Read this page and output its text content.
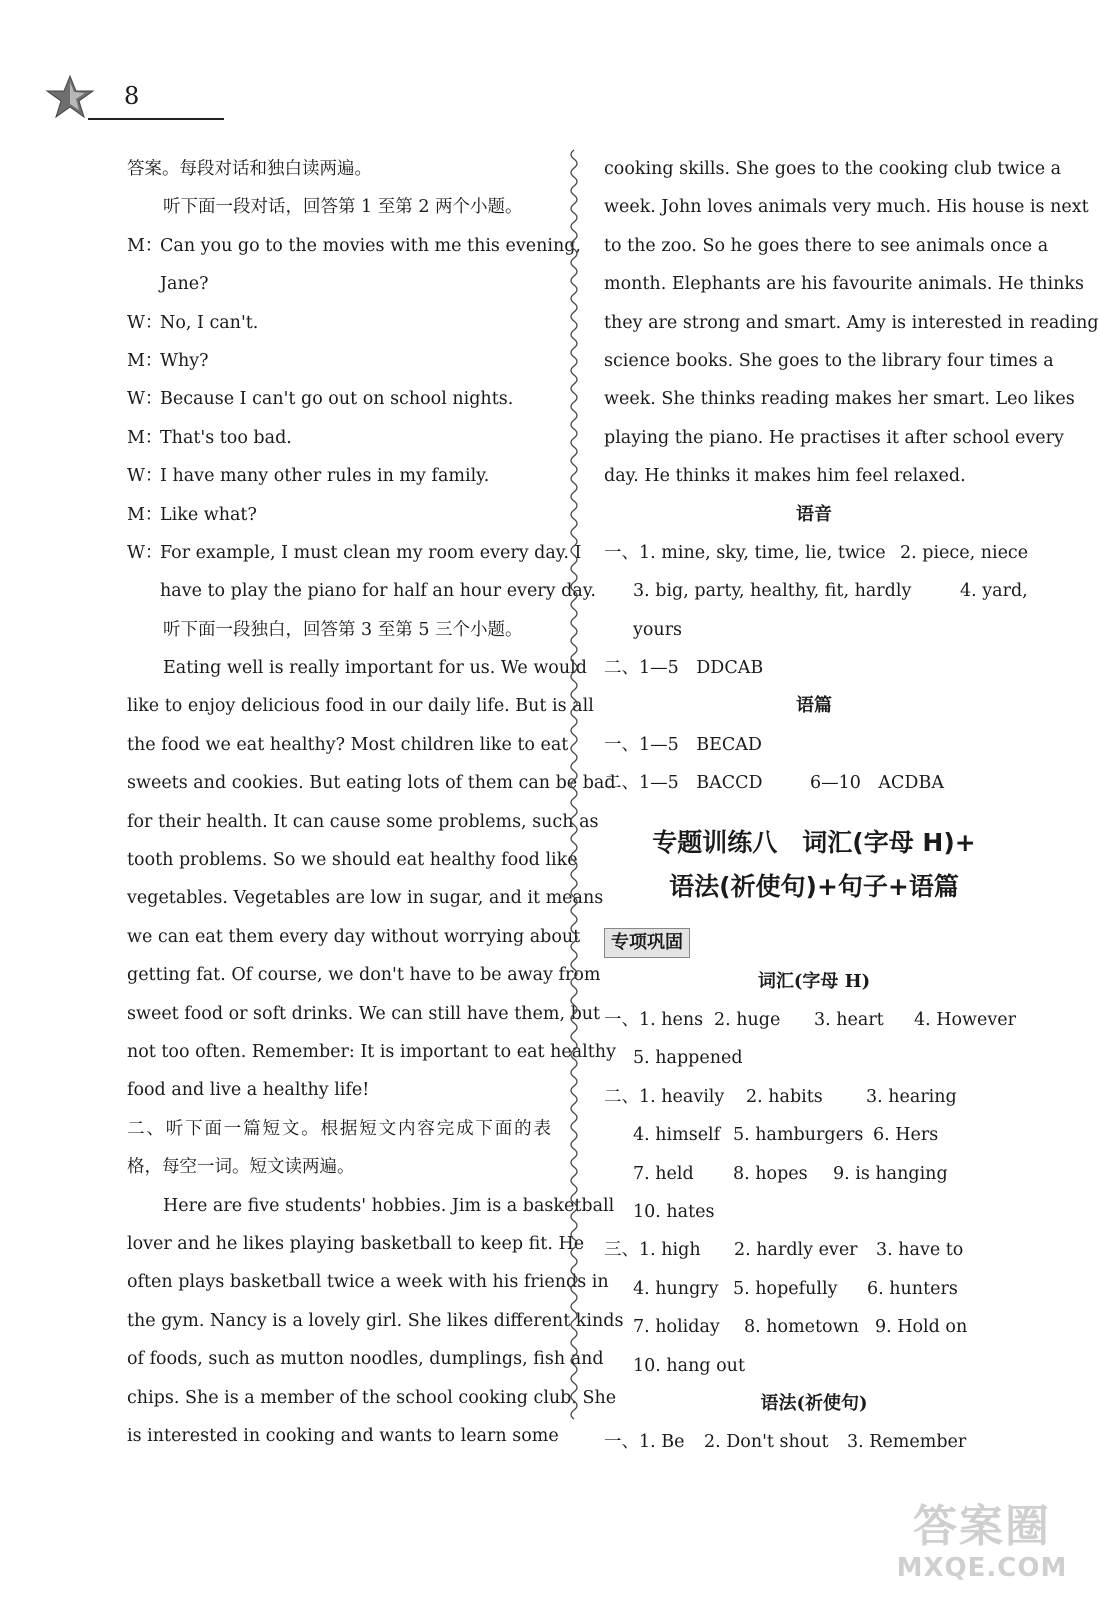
8
答案。每段对话和独白读两遍。
听下面一段对话，回答第 1 至第 2 两个小题。
M：Can you go to the movies with me this evening,
Jane?
W：No, I can't.
M：Why?
W：Because I can't go out on school nights.
M：That's too bad.
W：I have many other rules in my family.
M：Like what?
W：For example, I must clean my room every day. I
have to play the piano for half an hour every day.
听下面一段独白，回答第 3 至第 5 三个小题。
Eating well is really important for us. We would
like to enjoy delicious food in our daily life. But is all
the food we eat healthy? Most children like to eat
sweets and cookies. But eating lots of them can be bad
for their health. It can cause some problems, such as
tooth problems. So we should eat healthy food like
vegetables. Vegetables are low in sugar, and it means
we can eat them every day without worrying about
getting fat. Of course, we don't have to be away from
sweet food or soft drinks. We can still have them, but
not too often. Remember: It is important to eat healthy
food and live a healthy life!
二、听下面一篇短文。根据短文内容完成下面的表
格，每空一词。短文读两遍。
Here are five students' hobbies. Jim is a basketball
lover and he likes playing basketball to keep fit. He
often plays basketball twice a week with his friends in
the gym. Nancy is a lovely girl. She likes different kinds
of foods, such as mutton noodles, dumplings, fish and
chips. She is a member of the school cooking club. She
is interested in cooking and wants to learn some
cooking skills. She goes to the cooking club twice a
week. John loves animals very much. His house is next
to the zoo. So he goes there to see animals once a
month. Elephants are his favourite animals. He thinks
they are strong and smart. Amy is interested in reading
science books. She goes to the library four times a
week. She thinks reading makes her smart. Leo likes
playing the piano. He practises it after school every
day. He thinks it makes him feel relaxed.
语音
一、1. mine, sky, time, lie, twice 2. piece, niece
3. big, party, healthy, fit, hardly	4. yard,
yours
二、1—5　DDCAB
语篇
一、1—5　BECAD
二、1—5　BACCD	6—10　ACDBA
专题训练八　词汇(字母 H)+
语法(祈使句)+句子+语篇
专项巩固
词汇(字母 H)
一、1. hens 2. huge 3. heart 4. However
5. happened
二、1. heavily 2. habits 3. hearing
4. himself 5. hamburgers 6. Hers
7. held 8. hopes 9. is hanging
10. hates
三、1. high 2. hardly ever 3. have to
4. hungry 5. hopefully 6. hunters
7. holiday 8. hometown 9. Hold on
10. hang out
语法(祈使句)
一、1. Be 2. Don't shout 3. Remember
答案圈
MXQE.COM
